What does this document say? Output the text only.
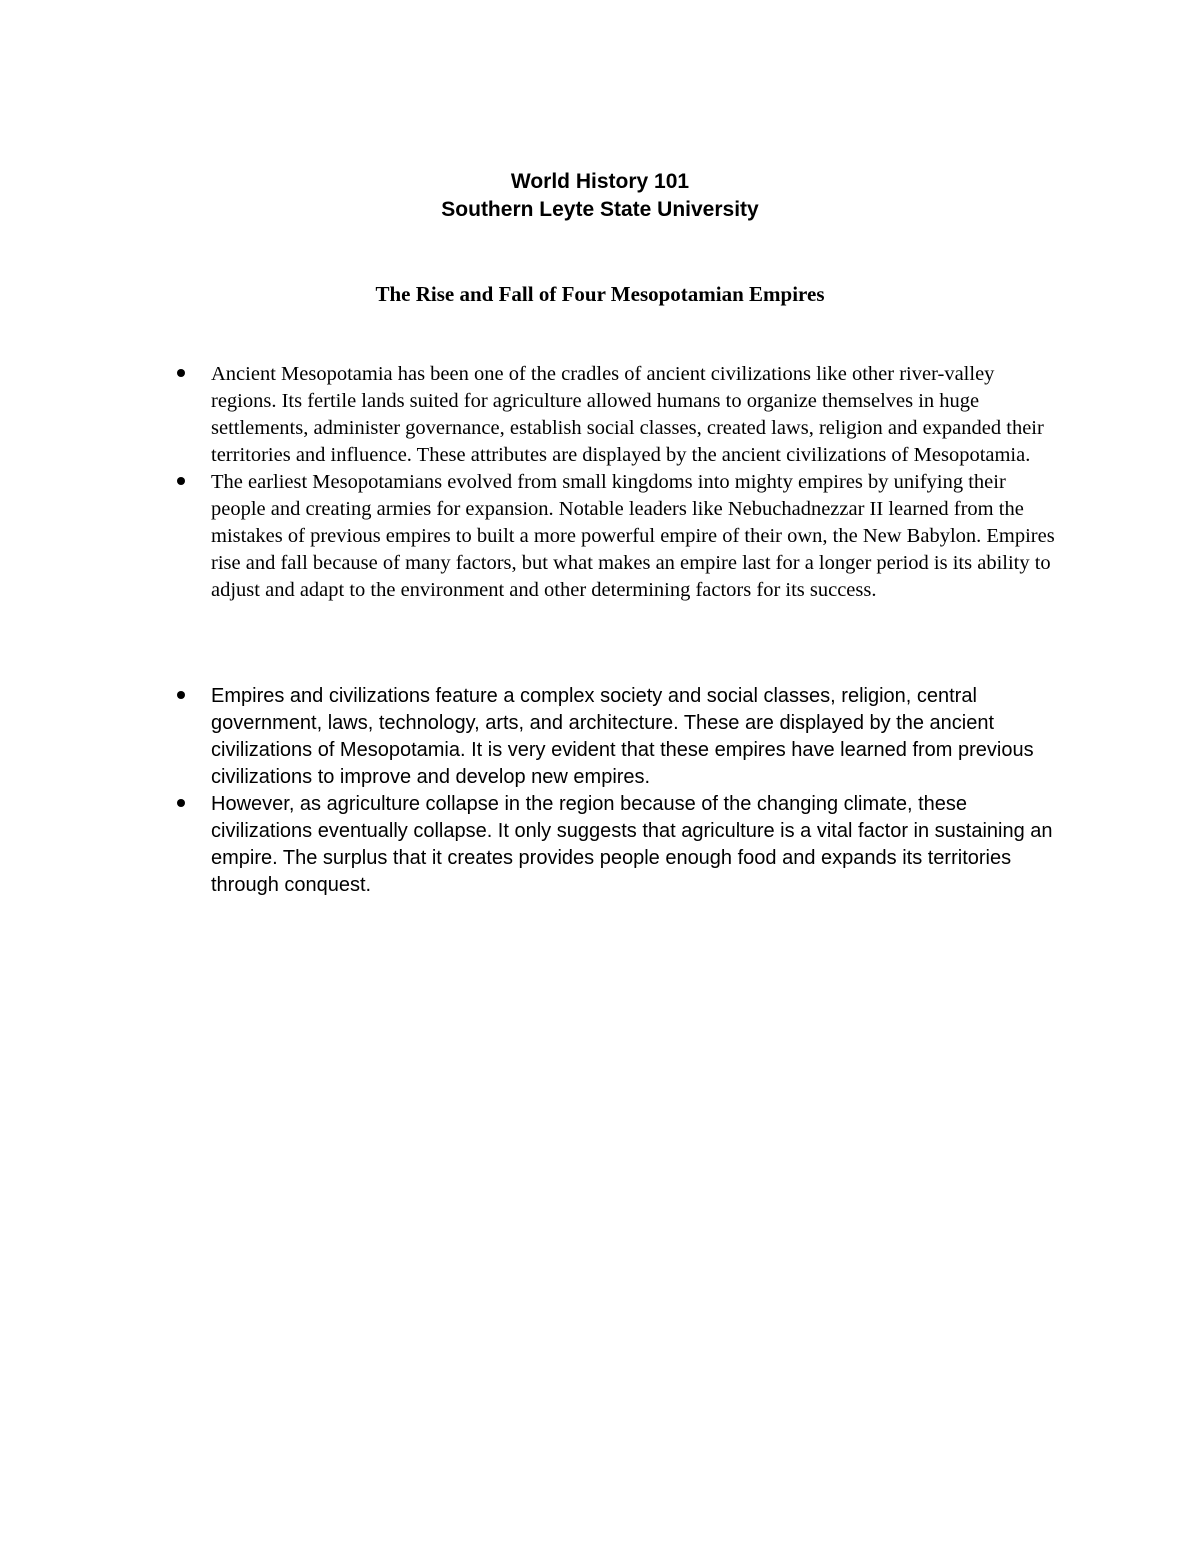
World History 101
Southern Leyte State University
The Rise and Fall of Four Mesopotamian Empires
Ancient Mesopotamia has been one of the cradles of ancient civilizations like other river-valley regions. Its fertile lands suited for agriculture allowed humans to organize themselves in huge settlements, administer governance, establish social classes, created laws, religion and expanded their territories and influence. These attributes are displayed by the ancient civilizations of Mesopotamia.
The earliest Mesopotamians evolved from small kingdoms into mighty empires by unifying their people and creating armies for expansion. Notable leaders like Nebuchadnezzar II learned from the mistakes of previous empires to built a more powerful empire of their own, the New Babylon. Empires rise and fall because of many factors, but what makes an empire last for a longer period is its ability to adjust and adapt to the environment and other determining factors for its success.
Empires and civilizations feature a complex society and social classes, religion, central government, laws, technology, arts, and architecture. These are displayed by the ancient civilizations of Mesopotamia. It is very evident that these empires have learned from previous civilizations to improve and develop new empires.
However, as agriculture collapse in the region because of the changing climate, these civilizations eventually collapse. It only suggests that agriculture is a vital factor in sustaining an empire. The surplus that it creates provides people enough food and expands its territories through conquest.
